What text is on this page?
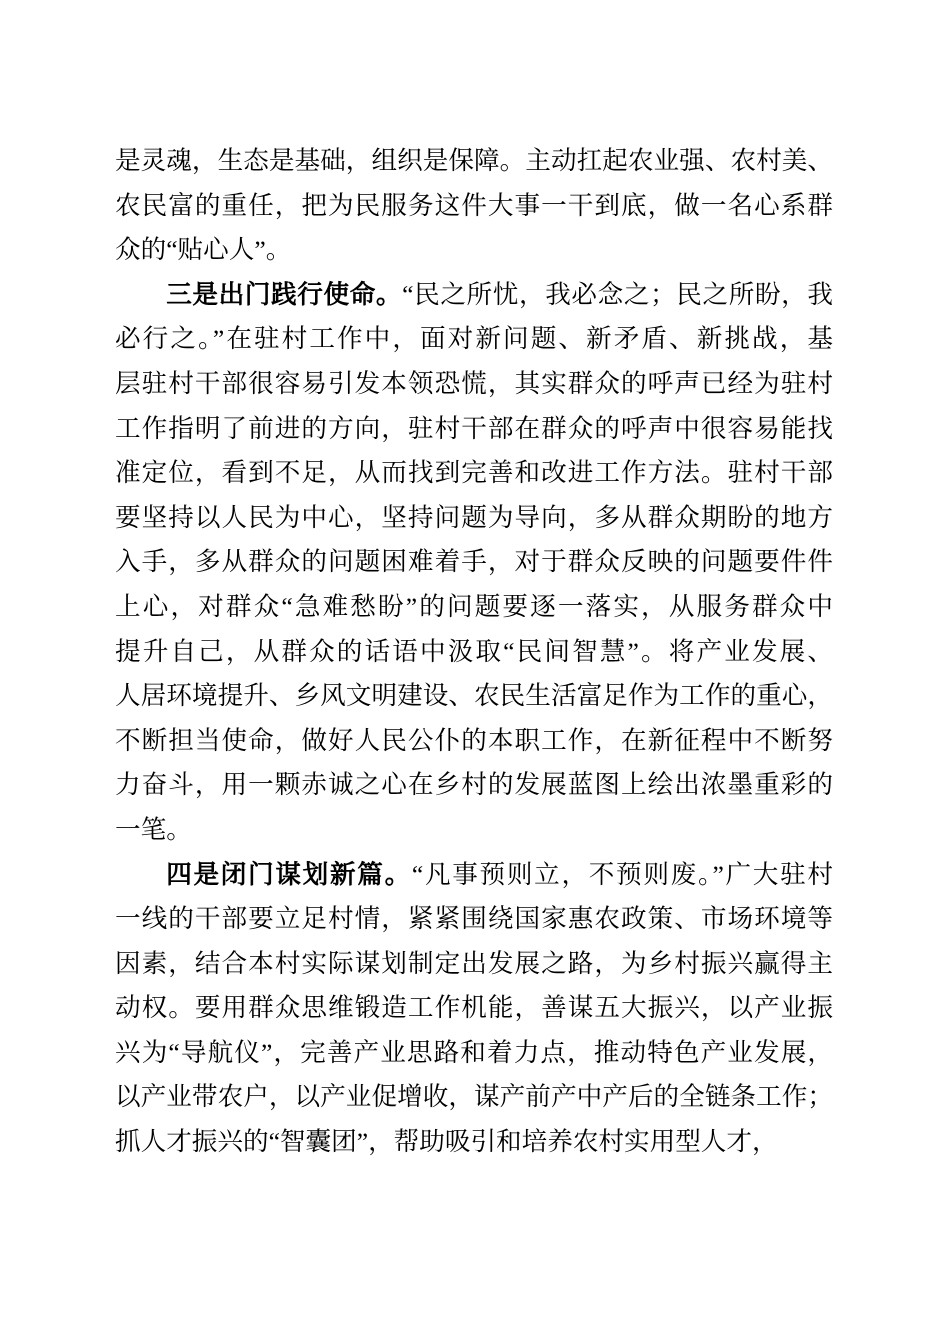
是灵魂，生态是基础，组织是保障。主动扛起农业强、农村美、
农民富的重任，把为民服务这件大事一干到底，做一名心系群
众的“贴心人”。
三是出门践行使命。“民之所忧，我必念之；民之所盼，我
必行之。”在驻村工作中，面对新问题、新矛盾、新挑战，基
层驻村干部很容易引发本领恐慌，其实群众的呼声已经为驻村
工作指明了前进的方向，驻村干部在群众的呼声中很容易能找
准定位，看到不足，从而找到完善和改进工作方法。驻村干部
要坚持以人民为中心，坚持问题为导向，多从群众期盼的地方
入手，多从群众的问题困难着手，对于群众反映的问题要件件
上心，对群众“急难愁盼”的问题要逐一落实，从服务群众中
提升自己，从群众的话语中汲取“民间智慧”。将产业发展、
人居环境提升、乡风文明建设、农民生活富足作为工作的重心，
不断担当使命，做好人民公仆的本职工作，在新征程中不断努
力奋斗，用一颗赤诚之心在乡村的发展蓝图上绘出浓墨重彩的
一笔。
四是闭门谋划新篇。“凡事预则立，不预则废。”广大驻村
一线的干部要立足村情，紧紧围绕国家惠农政策、市场环境等
因素，结合本村实际谋划制定出发展之路，为乡村振兴赢得主
动权。要用群众思维锻造工作机能，善谋五大振兴，以产业振
兴为“导航仪”，完善产业思路和着力点，推动特色产业发展，
以产业带农户，以产业促增收，谋产前产中产后的全链条工作；
抓人才振兴的“智囊团”，帮助吸引和培养农村实用型人才，
